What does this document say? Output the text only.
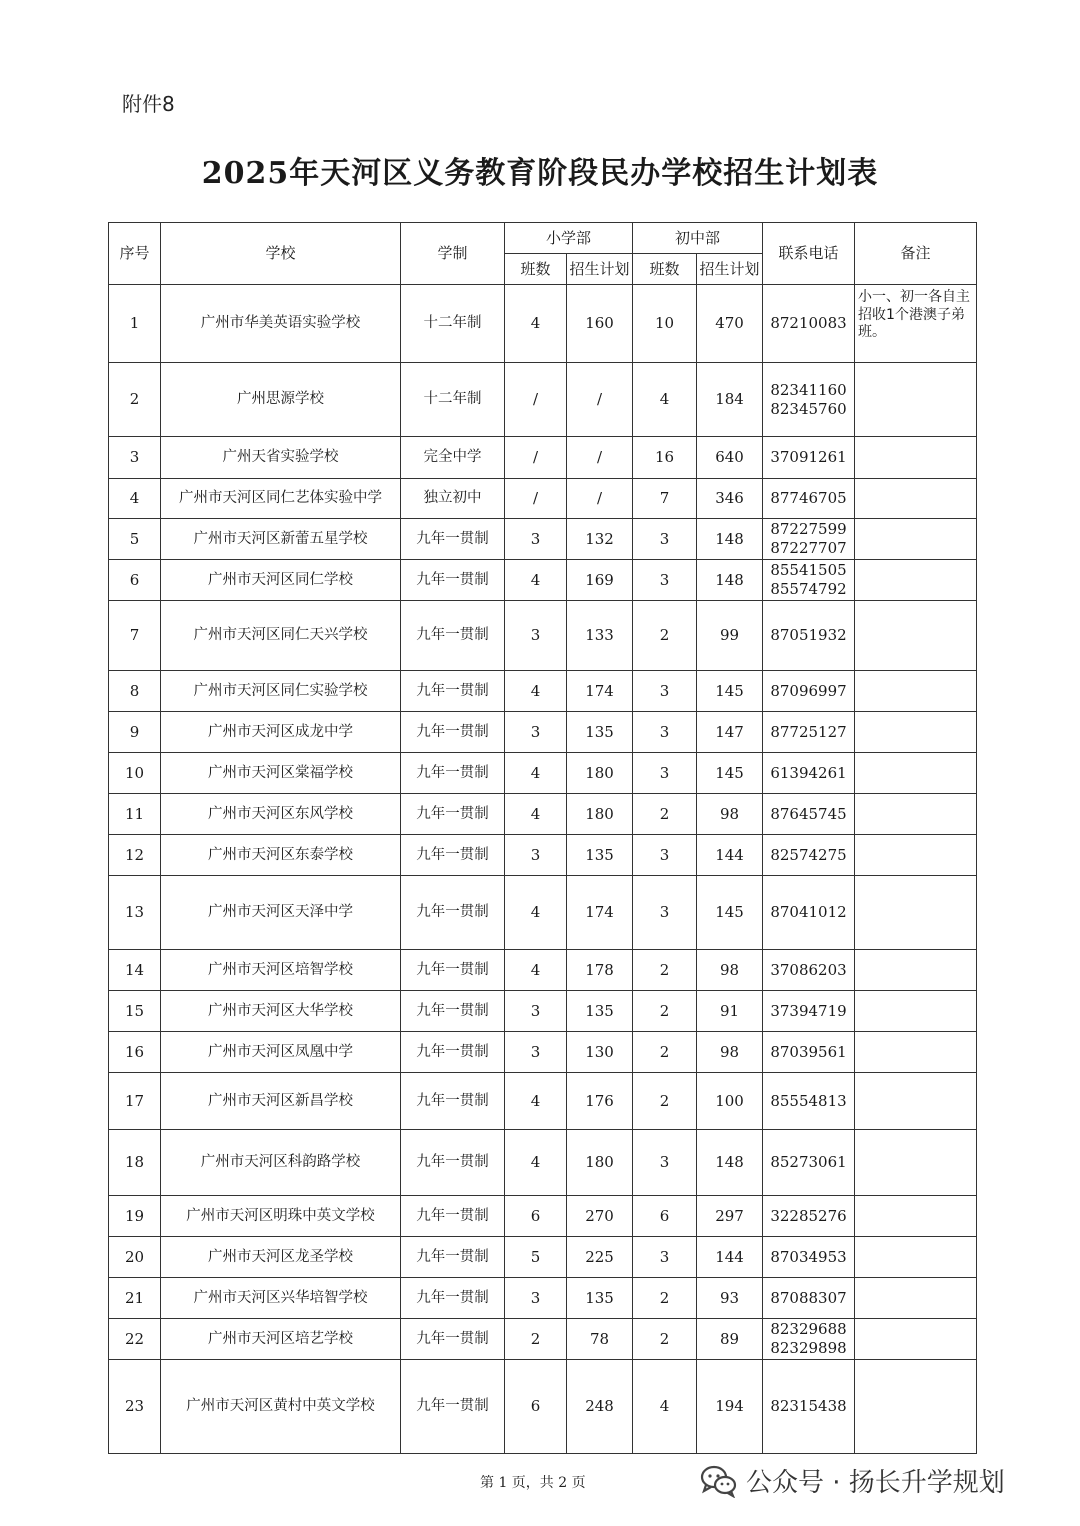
附件8
2025年天河区义务教育阶段民办学校招生计划表
序号	学校	学制	小学部		初中部		联系电话	备注
			班数	招生计划	班数	招生计划		
1	广州市华美英语实验学校	十二年制	4	160	10	470	87210083	小一、初一各自主招收1个港澳子弟班。
2	广州思源学校	十二年制	/	/	4	184	82341160
82345760	

3	广州天省实验学校	完全中学	/	/	16	640	37091261	

4	广州市天河区同仁艺体实验中学	独立初中	/	/	7	346	87746705	

5	广州市天河区新蕾五星学校	九年一贯制	3	132	3	148	87227599
87227707	

6	广州市天河区同仁学校	九年一贯制	4	169	3	148	85541505
85574792	

7	广州市天河区同仁天兴学校	九年一贯制	3	133	2	99	87051932	

8	广州市天河区同仁实验学校	九年一贯制	4	174	3	145	87096997	

9	广州市天河区成龙中学	九年一贯制	3	135	3	147	87725127	

10	广州市天河区棠福学校	九年一贯制	4	180	3	145	61394261	

11	广州市天河区东风学校	九年一贯制	4	180	2	98	87645745	

12	广州市天河区东泰学校	九年一贯制	3	135	3	144	82574275	

13	广州市天河区天泽中学	九年一贯制	4	174	3	145	87041012	

14	广州市天河区培智学校	九年一贯制	4	178	2	98	37086203	

15	广州市天河区大华学校	九年一贯制	3	135	2	91	37394719	

16	广州市天河区凤凰中学	九年一贯制	3	130	2	98	87039561	

17	广州市天河区新昌学校	九年一贯制	4	176	2	100	85554813	

18	广州市天河区科韵路学校	九年一贯制	4	180	3	148	85273061	

19	广州市天河区明珠中英文学校	九年一贯制	6	270	6	297	32285276	

20	广州市天河区龙圣学校	九年一贯制	5	225	3	144	87034953	

21	广州市天河区兴华培智学校	九年一贯制	3	135	2	93	87088307	

22	广州市天河区培艺学校	九年一贯制	2	78	2	89	82329688
82329898	

23	广州市天河区黄村中英文学校	九年一贯制	6	248	4	194	82315438	

第 1 页，共 2 页	公众号 · 扬长升学规划
